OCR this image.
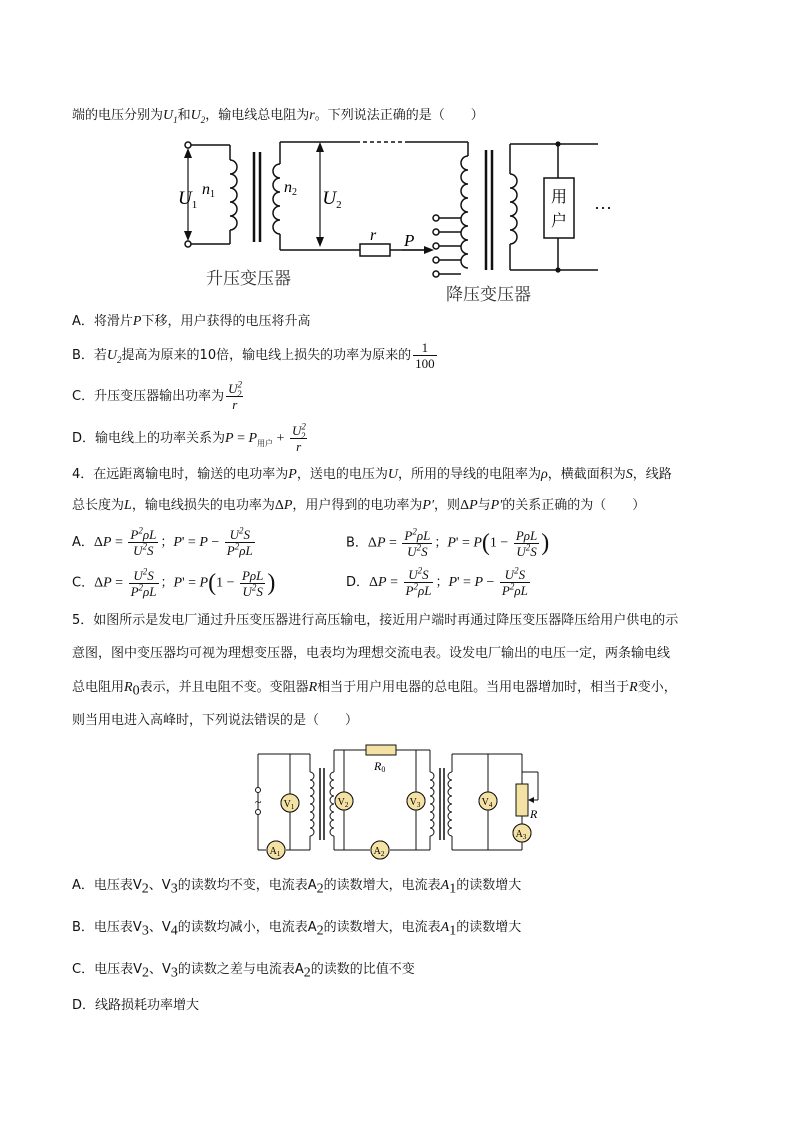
端的电压分别为$U_1$和$U_2$，输电线总电阻为r。下列说法正确的是（　　）
$U_1$
n1	n2 $U_2$
r P
用
户
···
升压变压器
降压变压器
A．将滑片P下移，用户获得的电压将升高
B．若$U_2$提高为原来的10倍，输电线上损失的功率为原来的 $\frac{1}{100}$
C．升压变压器输出功率为 $\frac{U^2_2}{r}$
D．输电线上的功率关系为$P = P_{用户} + \frac{U^2_2}{r}$
4．在远距离输电时，输送的电功率为P，送电的电压为U，所用的导线的电阻率为ρ，横截面积为S，线路
总长度为L，输电线损失的电功率为ΔP，用户得到的电功率为P′，则ΔP与P′的关系正确的为（　　）
A．$\Delta P = \frac{P^2\rho L}{U^2S}$ ；$P' = P - \frac{U^2S}{P^2\rho L}$	B．$\Delta P = \frac{P^2\rho L}{U^2S}$ ；$P' = P(1 - \frac{\text{PρL}}{U^2S}$ )
C．$\Delta P = \frac{U^2S}{P^2\rho L}$ ；$P' = P(1 - \frac{\text{PρL}}{U^2S}$ )	D．$\Delta P = \frac{U^2S}{P^2\rho L}$ ；$P' = P - \frac{U^2S}{P^2\rho L}$
5．如图所示是发电厂通过升压变压器进行高压输电，接近用户端时再通过降压变压器降压给用户供电的示
意图，图中变压器均可视为理想变压器，电表均为理想交流电表。设发电厂输出的电压一定，两条输电线
总电阻用$R_0$表示，并且电阻不变。变阻器R相当于用户用电器的总电阻。当用电器增加时，相当于R变小，
则当用电进入高峰时，下列说法错误的是（　　）
~ $V_1$	$V_2$	$V_3$	$V_4$
$A_1$	$A_2$
$A_3$
R0
R
A．电压表$V_2$、$V_3$的读数均不变，电流表$A_2$的读数增大，电流表$A_1$的读数增大
B．电压表$V_3$、$V_4$的读数均减小，电流表$A_2$的读数增大，电流表$A_1$的读数增大
C．电压表$V_2$、$V_3$的读数之差与电流表$A_2$的读数的比值不变
D．线路损耗功率增大
